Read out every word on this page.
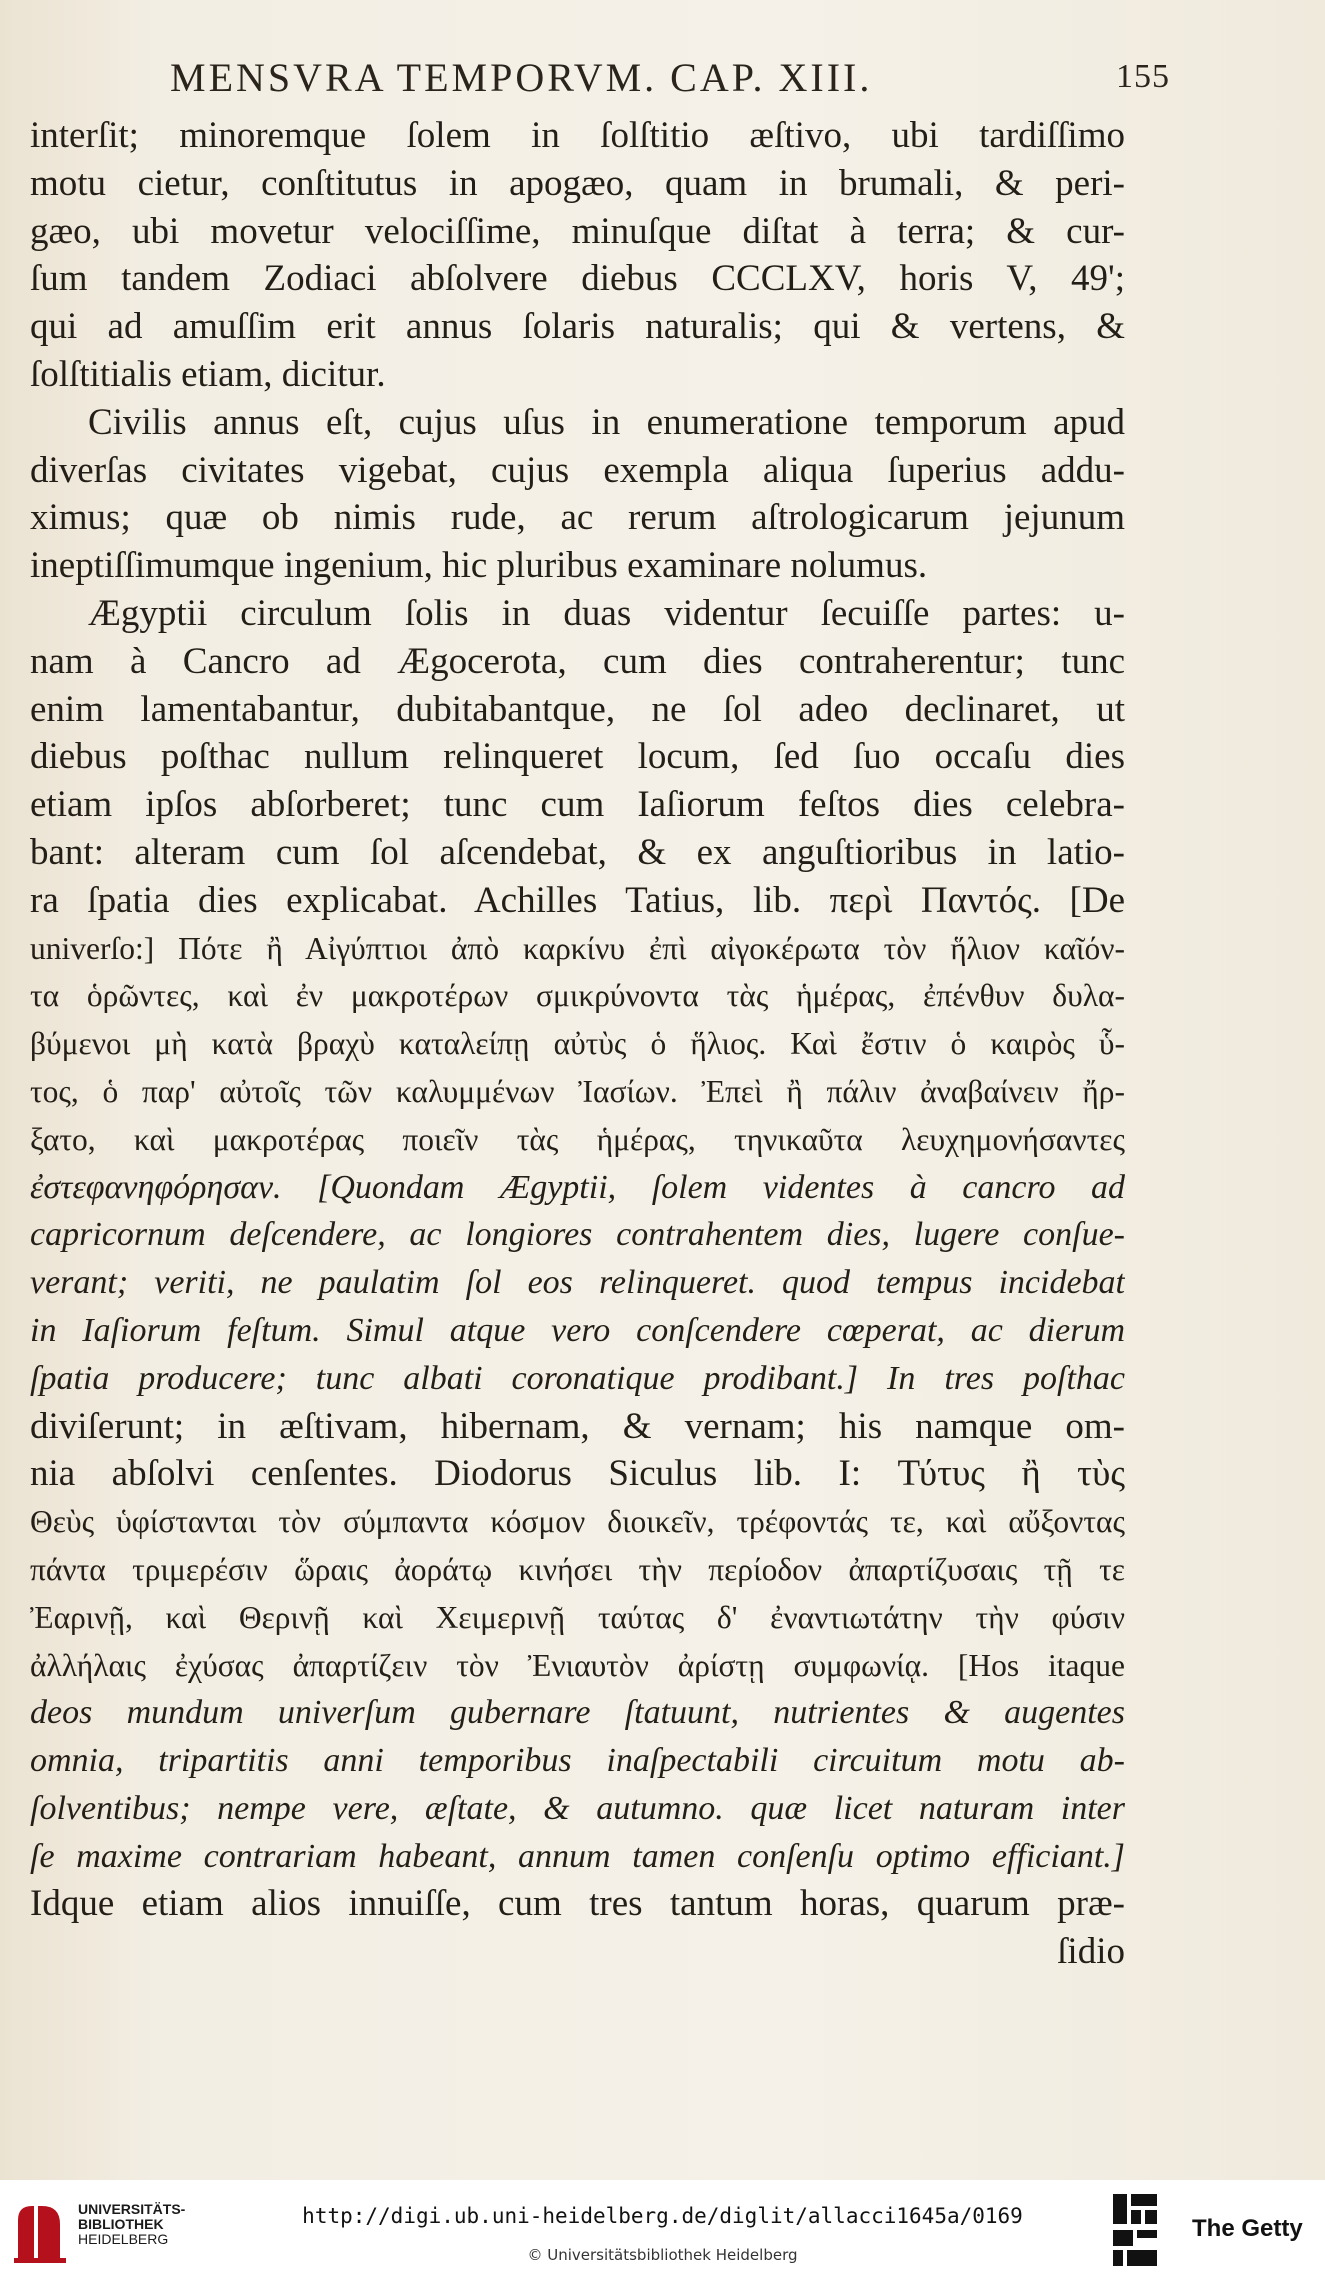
MENSVRA TEMPORVM. CAP. XIII.	155
interſit; minoremque ſolem in ſolſtitio æſtivo, ubi tardiſſimo
motu cietur, conſtitutus in apogæo, quam in brumali, & peri-
gæo, ubi movetur velociſſime, minuſque diſtat à terra; & cur-
ſum tandem Zodiaci abſolvere diebus CCCLXV, horis V, 49';
qui ad amuſſim erit annus ſolaris naturalis; qui & vertens, &
ſolſtitialis etiam, dicitur.
Civilis annus eſt, cujus uſus in enumeratione temporum apud
diverſas civitates vigebat, cujus exempla aliqua ſuperius addu-
ximus; quæ ob nimis rude, ac rerum aſtrologicarum jejunum
ineptiſſimumque ingenium, hic pluribus examinare nolumus.
Ægyptii circulum ſolis in duas videntur ſecuiſſe partes: u-
nam à Cancro ad Ægocerota, cum dies contraherentur; tunc
enim lamentabantur, dubitabantque, ne ſol adeo declinaret, ut
diebus poſthac nullum relinqueret locum, ſed ſuo occaſu dies
etiam ipſos abſorberet; tunc cum Iaſiorum feſtos dies celebra-
bant: alteram cum ſol aſcendebat, & ex anguſtioribus in latio-
ra ſpatia dies explicabat. Achilles Tatius, lib. περὶ Παντός. [De
univerſo:] Πότε ἢ Αἰγύπτιοι ἀπὸ καρκίνυ ἐπὶ αἰγοκέρωτα τὸν ἥλιον καῖόν-
τα ὁρῶντες, καὶ ἐν μακροτέρων σμικρύνοντα τὰς ἡμέρας, ἐπένθυν δυλα-
βύμενοι μὴ κατὰ βραχὺ καταλείπῃ αὐτὺς ὁ ἥλιος. Καὶ ἔστιν ὁ καιρὸς ὗ-
τος, ὁ παρ' αὐτοῖς τῶν καλυμμένων Ἰασίων. Ἐπεὶ ἢ πάλιν ἀναβαίνειν ἤρ-
ξατο, καὶ μακροτέρας ποιεῖν τὰς ἡμέρας, τηνικαῦτα λευχημονήσαντες
ἐστεφανηφόρησαν. [Quondam Ægyptii, ſolem videntes à cancro ad
capricornum deſcendere, ac longiores contrahentem dies, lugere conſue-
verant; veriti, ne paulatim ſol eos relinqueret. quod tempus incidebat
in Iaſiorum feſtum. Simul atque vero conſcendere cœperat, ac dierum
ſpatia producere; tunc albati coronatique prodibant.] In tres poſthac
diviſerunt; in æſtivam, hibernam, & vernam; his namque om-
nia abſolvi cenſentes. Diodorus Siculus lib. I: Τύτυς ἢ τὺς
Θεὺς ὑφίστανται τὸν σύμπαντα κόσμον διοικεῖν, τρέφοντάς τε, καὶ αὔξοντας
πάντα τριμερέσιν ὥραις ἀοράτῳ κινήσει τὴν περίοδον ἀπαρτίζυσαις τῇ τε
Ἐαρινῇ, καὶ Θερινῇ καὶ Χειμερινῇ ταύτας δ' ἐναντιωτάτην τὴν φύσιν
ἀλλήλαις ἐχύσας ἀπαρτίζειν τὸν Ἐνιαυτὸν ἀρίστῃ συμφωνίᾳ. [Hos itaque
deos mundum univerſum gubernare ſtatuunt, nutrientes & augentes
omnia, tripartitis anni temporibus inaſpectabili circuitum motu ab-
ſolventibus; nempe vere, æſtate, & autumno. quæ licet naturam inter
ſe maxime contrariam habeant, annum tamen conſenſu optimo efficiant.]
Idque etiam alios innuiſſe, cum tres tantum horas, quarum præ-
ſidio
UNIVERSITÄTS-
BIBLIOTHEK
HEIDELBERG
http://digi.ub.uni-heidelberg.de/diglit/allacci1645a/0169
© Universitätsbibliothek Heidelberg
The Getty
